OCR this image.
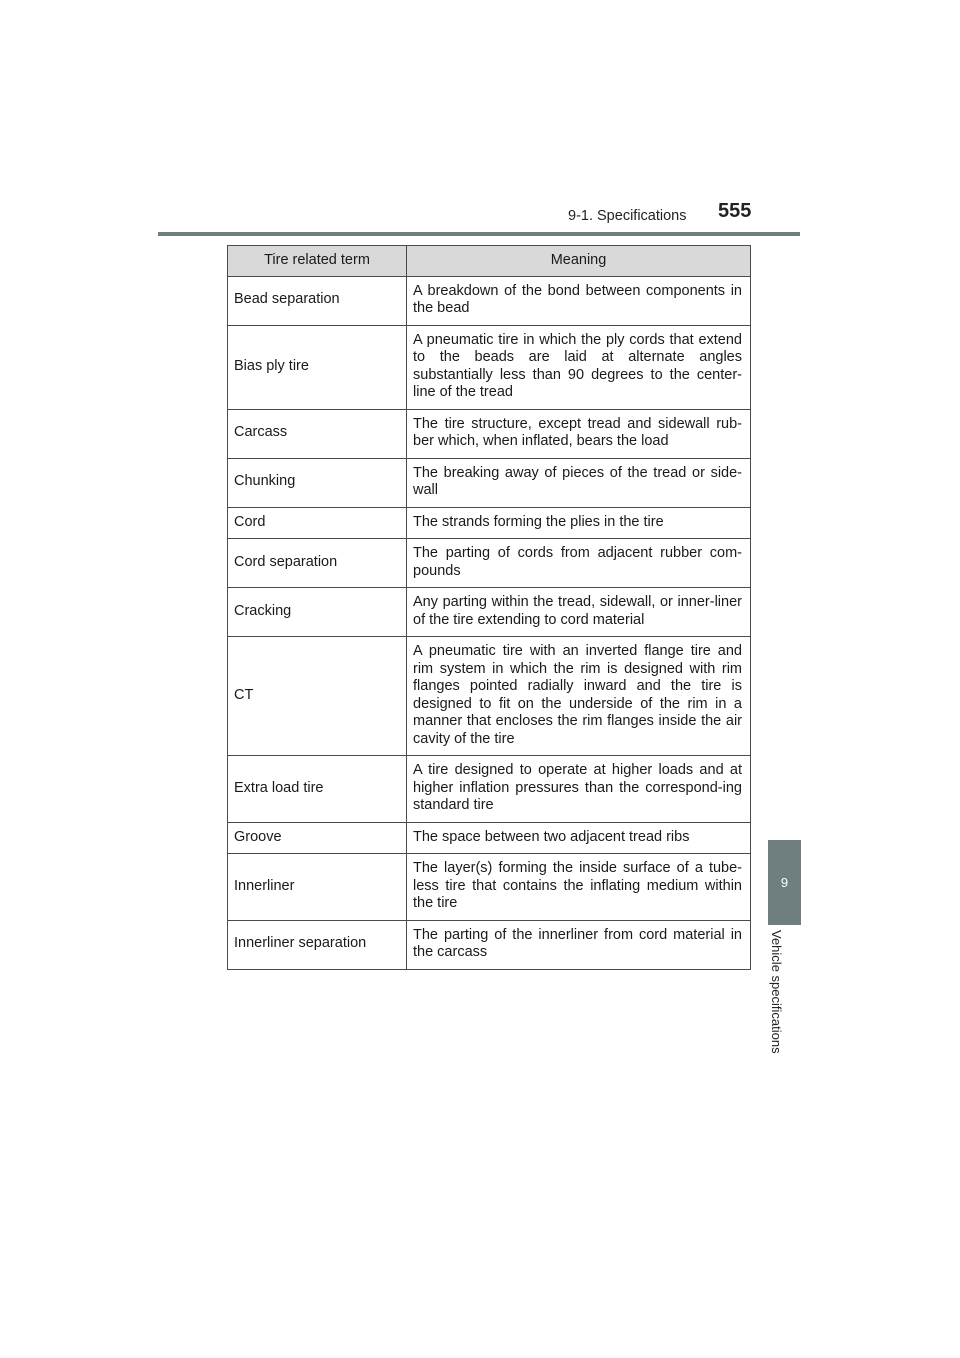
9-1. Specifications 555
9
Vehicle specifications
Tire related term	Meaning
Bead separation	A breakdown of the bond between components in the bead
Bias ply tire	A pneumatic tire in which the ply cords that extend to the beads are laid at alternate angles substantially less than 90 degrees to the center-line of the tread
Carcass	The tire structure, except tread and sidewall rub-ber which, when inflated, bears the load
Chunking	The breaking away of pieces of the tread or side-wall
Cord	The strands forming the plies in the tire
Cord separation	The parting of cords from adjacent rubber com-pounds
Cracking	Any parting within the tread, sidewall, or inner-liner of the tire extending to cord material
CT	A pneumatic tire with an inverted flange tire and rim system in which the rim is designed with rim flanges pointed radially inward and the tire is designed to fit on the underside of the rim in a manner that encloses the rim flanges inside the air cavity of the tire
Extra load tire	A tire designed to operate at higher loads and at higher inflation pressures than the correspond-ing standard tire
Groove	The space between two adjacent tread ribs
Innerliner	The layer(s) forming the inside surface of a tube-less tire that contains the inflating medium within the tire
Innerliner separation	The parting of the innerliner from cord material in the carcass
